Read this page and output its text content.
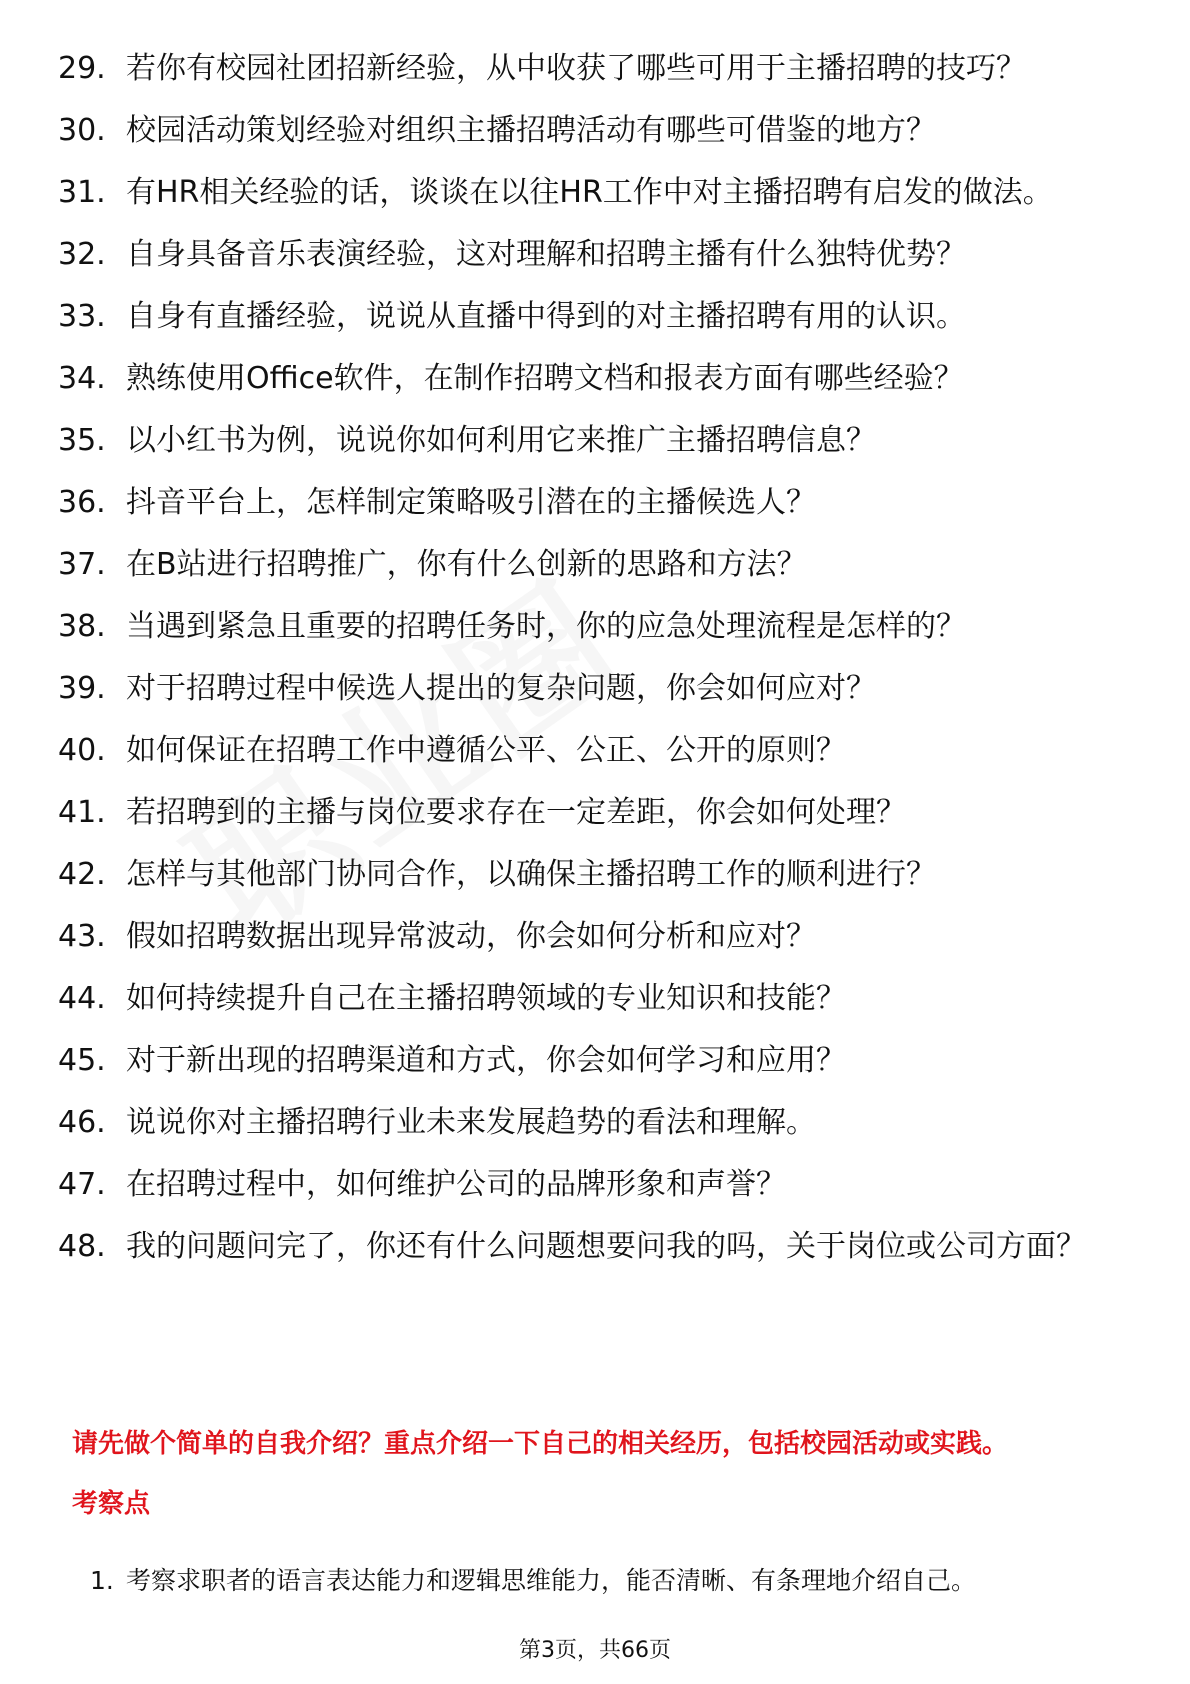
29. 若你有校园社团招新经验，从中收获了哪些可用于主播招聘的技巧？
30. 校园活动策划经验对组织主播招聘活动有哪些可借鉴的地方？
31. 有HR相关经验的话，谈谈在以往HR工作中对主播招聘有启发的做法。
32. 自身具备音乐表演经验，这对理解和招聘主播有什么独特优势？
33. 自身有直播经验，说说从直播中得到的对主播招聘有用的认识。
34. 熟练使用Office软件，在制作招聘文档和报表方面有哪些经验？
35. 以小红书为例，说说你如何利用它来推广主播招聘信息？
36. 抖音平台上，怎样制定策略吸引潜在的主播候选人？
37. 在B站进行招聘推广，你有什么创新的思路和方法？
38. 当遇到紧急且重要的招聘任务时，你的应急处理流程是怎样的？
39. 对于招聘过程中候选人提出的复杂问题，你会如何应对？
40. 如何保证在招聘工作中遵循公平、公正、公开的原则？
41. 若招聘到的主播与岗位要求存在一定差距，你会如何处理？
42. 怎样与其他部门协同合作，以确保主播招聘工作的顺利进行？
43. 假如招聘数据出现异常波动，你会如何分析和应对？
44. 如何持续提升自己在主播招聘领域的专业知识和技能？
45. 对于新出现的招聘渠道和方式，你会如何学习和应用？
46. 说说你对主播招聘行业未来发展趋势的看法和理解。
47. 在招聘过程中，如何维护公司的品牌形象和声誉？
48. 我的问题问完了，你还有什么问题想要问我的吗，关于岗位或公司方面？
请先做个简单的自我介绍？重点介绍一下自己的相关经历，包括校园活动或实践。
考察点
1. 考察求职者的语言表达能力和逻辑思维能力，能否清晰、有条理地介绍自己。
第3页，共66页
